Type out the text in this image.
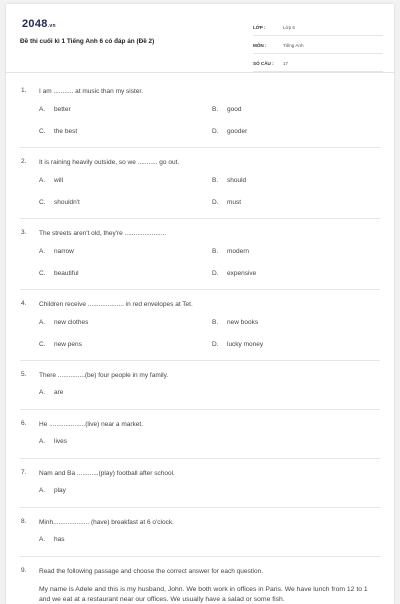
2048.vn
Đề thi cuối kì 1 Tiếng Anh 6 có đáp án (Đề 2)
LỚP :	Lớp 6
MÔN :	Tiếng Anh
SỐ CÂU :	17
1. I am ........... at music than my sister.
A.	better	B.	good
C.	the best	D.	gooder
2. It is raining heavily outside, so we ........... go out.
A.	will	B.	should
C.	shouldn't	D.	must
3. The streets aren't old, they're .......................
A.	narrow	B.	modern
C.	beautiful	D.	expensive
4. Children receive .................... in red envelopes at Tet.
A.	new clothes	B.	new books
C.	new pens	D.	lucky money
5. There ...............(be) four people in my family.
A.	are
6. He ....................(live) near a market.
A.	lives
7. Nam and Ba ............(play) football after school.
A.	play
8. Minh.................... (have) breakfast at 6 o'clock.
A.	has
9. Read the following passage and choose the correct answer for each question.
My name is Adele and this is my husband, John. We both work in offices in Paris. We have lunch from 12 to 1 and we eat at a restaurant near our offices. We usually have a salad or some fish.
